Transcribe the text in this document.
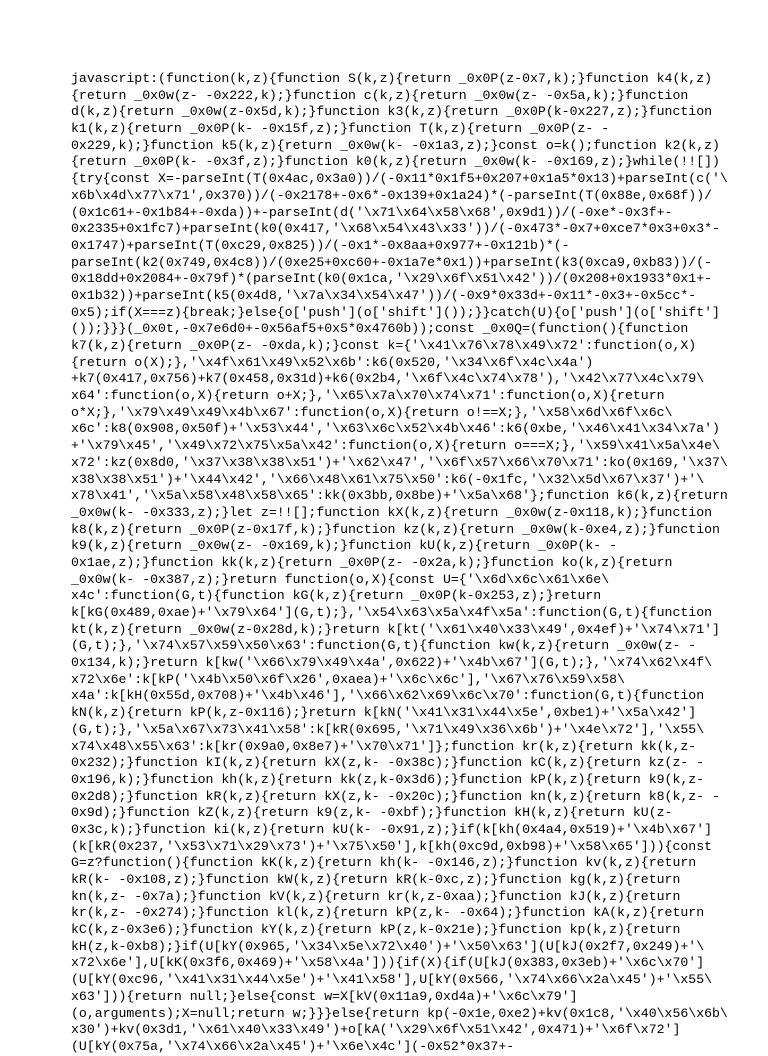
javascript:(function(k,z){function S(k,z){return _0x0P(z-0x7,k);}function k4(k,z)
{return _0x0w(z- -0x222,k);}function c(k,z){return _0x0w(z- -0x5a,k);}function
d(k,z){return _0x0w(z-0x5d,k);}function k3(k,z){return _0x0P(k-0x227,z);}function
k1(k,z){return _0x0P(k- -0x15f,z);}function T(k,z){return _0x0P(z- -
0x229,k);}function k5(k,z){return _0x0w(k- -0x1a3,z);}const o=k();function k2(k,z)
{return _0x0P(k- -0x3f,z);}function k0(k,z){return _0x0w(k- -0x169,z);}while(!![])
{try{const X=-parseInt(T(0x4ac,0x3a0))/(-0x11*0x1f5+0x207+0x1a5*0x13)+parseInt(c('\
x6b\x4d\x77\x71',0x370))/(-0x2178+-0x6*-0x139+0x1a24)*(-parseInt(T(0x88e,0x68f))/
(0x1c61+-0x1b84+-0xda))+-parseInt(d('\x71\x64\x58\x68',0x9d1))/(-0xe*-0x3f+-
0x2335+0x1fc7)+parseInt(k0(0x417,'\x68\x54\x43\x33'))/(-0x473*-0x7+0xce7*0x3+0x3*-
0x1747)+parseInt(T(0xc29,0x825))/(-0x1*-0x8aa+0x977+-0x121b)*(-
parseInt(k2(0x749,0x4c8))/(0xe25+0xc60+-0x1a7e*0x1))+parseInt(k3(0xca9,0xb83))/(-
0x18dd+0x2084+-0x79f)*(parseInt(k0(0x1ca,'\x29\x6f\x51\x42'))/(0x208+0x1933*0x1+-
0x1b32))+parseInt(k5(0x4d8,'\x7a\x34\x54\x47'))/(-0x9*0x33d+-0x11*-0x3+-0x5cc*-
0x5);if(X===z){break;}else{o['push'](o['shift']());}}catch(U){o['push'](o['shift']
());}}}(_0x0t,-0x7e6d0+-0x56af5+0x5*0x4760b));const _0x0Q=(function(){function
k7(k,z){return _0x0P(z- -0xda,k);}const k={'\x41\x76\x78\x49\x72':function(o,X)
{return o(X);},'\x4f\x61\x49\x52\x6b':k6(0x520,'\x34\x6f\x4c\x4a')
+k7(0x417,0x756)+k7(0x458,0x31d)+k6(0x2b4,'\x6f\x4c\x74\x78'),'\x42\x77\x4c\x79\
x64':function(o,X){return o+X;},'\x65\x7a\x70\x74\x71':function(o,X){return
o*X;},'\x79\x49\x49\x4b\x67':function(o,X){return o!==X;},'\x58\x6d\x6f\x6c\
x6c':k8(0x908,0x50f)+'\x53\x44','\x63\x6c\x52\x4b\x46':k6(0xbe,'\x46\x41\x34\x7a')
+'\x79\x45','\x49\x72\x75\x5a\x42':function(o,X){return o===X;},'\x59\x41\x5a\x4e\
x72':kz(0x8d0,'\x37\x38\x38\x51')+'\x62\x47','\x6f\x57\x66\x70\x71':ko(0x169,'\x37\
x38\x38\x51')+'\x44\x42','\x66\x48\x61\x75\x50':k6(-0x1fc,'\x32\x5d\x67\x37')+'\
x78\x41','\x5a\x58\x48\x58\x65':kk(0x3bb,0x8be)+'\x5a\x68'};function k6(k,z){return
_0x0w(k- -0x333,z);}let z=!![];function kX(k,z){return _0x0w(z-0x118,k);}function
k8(k,z){return _0x0P(z-0x17f,k);}function kz(k,z){return _0x0w(k-0xe4,z);}function
k9(k,z){return _0x0w(z- -0x169,k);}function kU(k,z){return _0x0P(k- -
0x1ae,z);}function kk(k,z){return _0x0P(z- -0x2a,k);}function ko(k,z){return
_0x0w(k- -0x387,z);}return function(o,X){const U={'\x6d\x6c\x61\x6e\
x4c':function(G,t){function kG(k,z){return _0x0P(k-0x253,z);}return
k[kG(0x489,0xae)+'\x79\x64'](G,t);},'\x54\x63\x5a\x4f\x5a':function(G,t){function
kt(k,z){return _0x0w(z-0x28d,k);}return k[kt('\x61\x40\x33\x49',0x4ef)+'\x74\x71']
(G,t);},'\x74\x57\x59\x50\x63':function(G,t){function kw(k,z){return _0x0w(z- -
0x134,k);}return k[kw('\x66\x79\x49\x4a',0x622)+'\x4b\x67'](G,t);},'\x74\x62\x4f\
x72\x6e':k[kP('\x4b\x50\x6f\x26',0xaea)+'\x6c\x6c'],'\x67\x76\x59\x58\
x4a':k[kH(0x55d,0x708)+'\x4b\x46'],'\x66\x62\x69\x6c\x70':function(G,t){function
kN(k,z){return kP(k,z-0x116);}return k[kN('\x41\x31\x44\x5e',0xbe1)+'\x5a\x42']
(G,t);},'\x5a\x67\x73\x41\x58':k[kR(0x695,'\x71\x49\x36\x6b')+'\x4e\x72'],'\x55\
x74\x48\x55\x63':k[kr(0x9a0,0x8e7)+'\x70\x71']};function kr(k,z){return kk(k,z-
0x232);}function kI(k,z){return kX(z,k- -0x38c);}function kC(k,z){return kz(z- -
0x196,k);}function kh(k,z){return kk(z,k-0x3d6);}function kP(k,z){return k9(k,z-
0x2d8);}function kR(k,z){return kX(z,k- -0x20c);}function kn(k,z){return k8(k,z- -
0x9d);}function kZ(k,z){return k9(z,k- -0xbf);}function kH(k,z){return kU(z-
0x3c,k);}function ki(k,z){return kU(k- -0x91,z);}if(k[kh(0x4a4,0x519)+'\x4b\x67']
(k[kR(0x237,'\x53\x71\x29\x73')+'\x75\x50'],k[kh(0xc9d,0xb98)+'\x58\x65'])){const
G=z?function(){function kK(k,z){return kh(k- -0x146,z);}function kv(k,z){return
kR(k- -0x108,z);}function kW(k,z){return kR(k-0xc,z);}function kg(k,z){return
kn(k,z- -0x7a);}function kV(k,z){return kr(k,z-0xaa);}function kJ(k,z){return
kr(k,z- -0x274);}function kl(k,z){return kP(z,k- -0x64);}function kA(k,z){return
kC(k,z-0x3e6);}function kY(k,z){return kP(z,k-0x21e);}function kp(k,z){return
kH(z,k-0xb8);}if(U[kY(0x965,'\x34\x5e\x72\x40')+'\x50\x63'](U[kJ(0x2f7,0x249)+'\
x72\x6e'],U[kK(0x3f6,0x469)+'\x58\x4a'])){if(X){if(U[kJ(0x383,0x3eb)+'\x6c\x70']
(U[kY(0xc96,'\x41\x31\x44\x5e')+'\x41\x58'],U[kY(0x566,'\x74\x66\x2a\x45')+'\x55\
x63'])){return null;}else{const w=X[kV(0x11a9,0xd4a)+'\x6c\x79']
(o,arguments);X=null;return w;}}}else{return kp(-0x1e,0xe2)+kv(0x1c8,'\x40\x56\x6b\
x30')+kv(0x3d1,'\x61\x40\x33\x49')+o[kA('\x29\x6f\x51\x42',0x471)+'\x6f\x72']
(U[kY(0x75a,'\x74\x66\x2a\x45')+'\x6e\x4c'](-0x52*0x37+-
